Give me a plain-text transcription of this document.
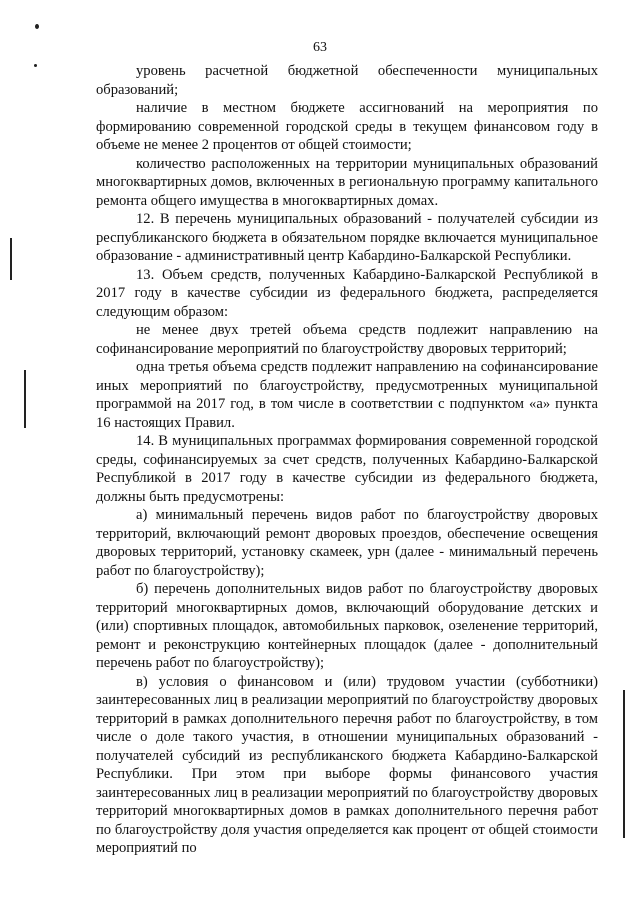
63

уровень расчетной бюджетной обеспеченности муниципальных образований;

наличие в местном бюджете ассигнований на мероприятия по формированию современной городской среды в текущем финансовом году в объеме не менее 2 процентов от общей стоимости;

количество расположенных на территории муниципальных образований многоквартирных домов, включенных в региональную программу капитального ремонта общего имущества в многоквартирных домах.

12. В перечень муниципальных образований - получателей субсидии из республиканского бюджета в обязательном порядке включается муниципальное образование - административный центр Кабардино-Балкарской Республики.

13. Объем средств, полученных Кабардино-Балкарской Республикой в 2017 году в качестве субсидии из федерального бюджета, распределяется следующим образом:

не менее двух третей объема средств подлежит направлению на софинансирование мероприятий по благоустройству дворовых территорий;

одна третья объема средств подлежит направлению на софинансирование иных мероприятий по благоустройству, предусмотренных муниципальной программой на 2017 год, в том числе в соответствии с подпунктом «а» пункта 16 настоящих Правил.

14. В муниципальных программах формирования современной городской среды, софинансируемых за счет средств, полученных Кабардино-Балкарской Республикой в 2017 году в качестве субсидии из федерального бюджета, должны быть предусмотрены:

а) минимальный перечень видов работ по благоустройству дворовых территорий, включающий ремонт дворовых проездов, обеспечение освещения дворовых территорий, установку скамеек, урн (далее - минимальный перечень работ по благоустройству);

б) перечень дополнительных видов работ по благоустройству дворовых территорий многоквартирных домов, включающий оборудование детских и (или) спортивных площадок, автомобильных парковок, озеленение территорий, ремонт и реконструкцию контейнерных площадок (далее - дополнительный перечень работ по благоустройству);

в) условия о финансовом и (или) трудовом участии (субботники) заинтересованных лиц в реализации мероприятий по благоустройству дворовых территорий в рамках дополнительного перечня работ по благоустройству, в том числе о доле такого участия, в отношении муниципальных образований - получателей субсидий из республиканского бюджета Кабардино-Балкарской Республики. При этом при выборе формы финансового участия заинтересованных лиц в реализации мероприятий по благоустройству дворовых территорий многоквартирных домов в рамках дополнительного перечня работ по благоустройству доля участия определяется как процент от общей стоимости мероприятий по
